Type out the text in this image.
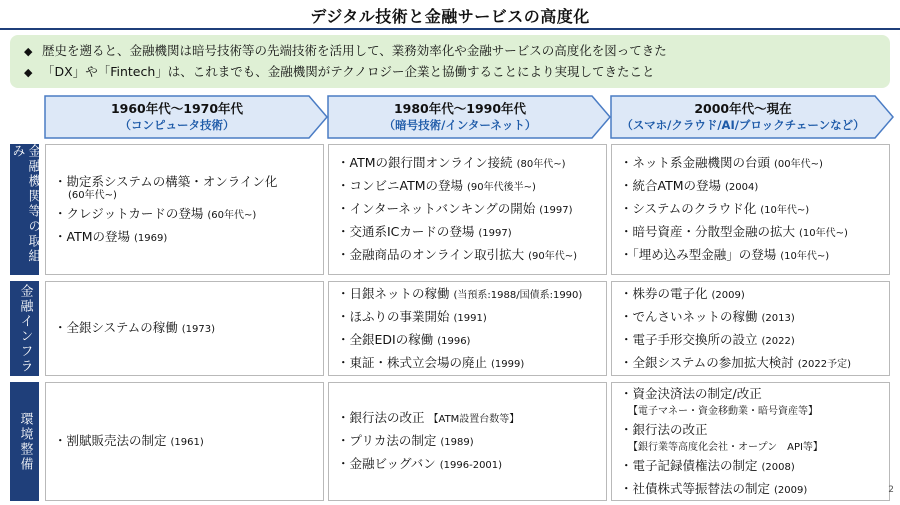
デジタル技術と金融サービスの高度化
◆ 歴史を遡ると、金融機関は暗号技術等の先端技術を活用して、業務効率化や金融サービスの高度化を図ってきた
◆ 「DX」や「Fintech」は、これまでも、金融機関がテクノロジー企業と協働することにより実現してきたこと
1960年代～1970年代
（コンピュータ技術）
1980年代～1990年代
（暗号技術/インターネット）
2000年代～現在
（スマホ/クラウド/AI/ブロックチェーンなど）
金融機関等の取組み
金融インフラ
環境整備
・勘定系システムの構築・オンライン化
(60年代~)
・クレジットカードの登場 (60年代~)
・ATMの登場 (1969)
・ATMの銀行間オンライン接続 (80年代~)
・コンビニATMの登場 (90年代後半~)
・インターネットバンキングの開始 (1997)
・交通系ICカードの登場 (1997)
・金融商品のオンライン取引拡大 (90年代~)
・ネット系金融機関の台頭 (00年代~)
・統合ATMの登場 (2004)
・システムのクラウド化 (10年代~)
・暗号資産・分散型金融の拡大 (10年代~)
・「埋め込み型金融」の登場 (10年代~)
・全銀システムの稼働 (1973)
・日銀ネットの稼働 (当預系:1988/国債系:1990)
・ほふりの事業開始 (1991)
・全銀EDIの稼働 (1996)
・東証・株式立会場の廃止 (1999)
・株券の電子化 (2009)
・でんさいネットの稼働 (2013)
・電子手形交換所の設立 (2022)
・全銀システムの参加拡大検討 (2022予定)
・割賦販売法の制定 (1961)
・銀行法の改正 【ATM設置台数等】
・プリカ法の制定 (1989)
・金融ビッグバン (1996-2001)
・資金決済法の制定/改正
【電子マネー・資金移動業・暗号資産等】
・銀行法の改正
【銀行業等高度化会社・オープン　API等】
・電子記録債権法の制定 (2008)
・社債株式等振替法の制定 (2009)	2
